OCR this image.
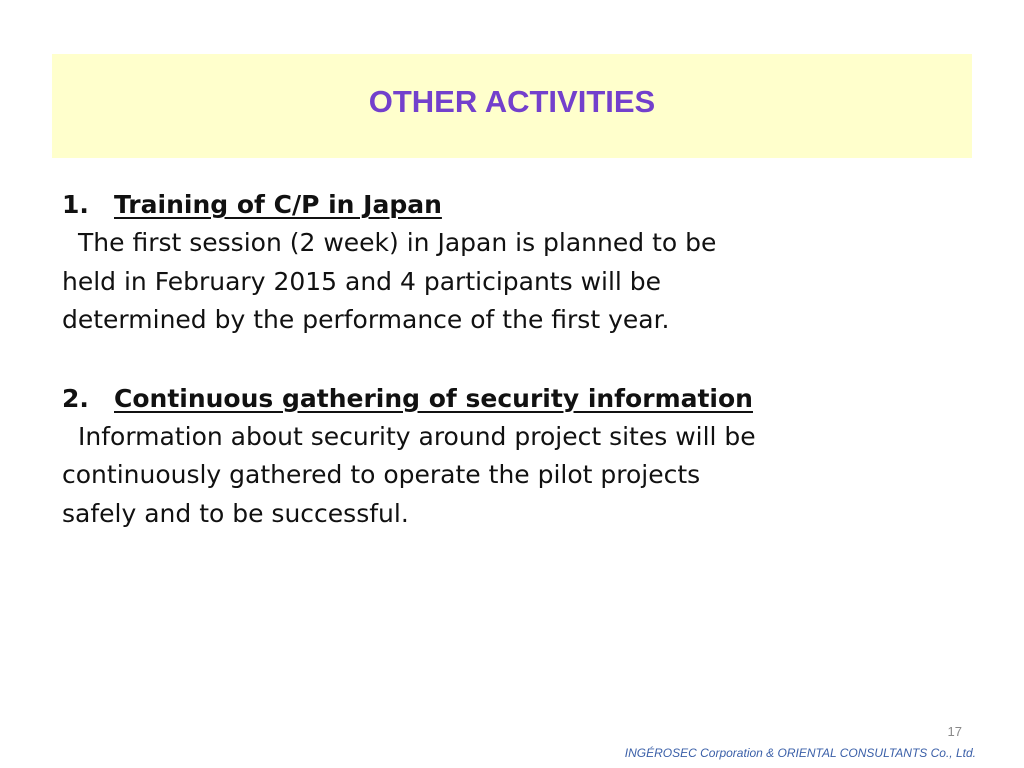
OTHER ACTIVITIES
1. Training of C/P in Japan

The first session (2 week) in Japan is planned to be
held in February 2015 and 4 participants will be
determined by the performance of the first year.

2. Continuous gathering of security information

Information about security around project sites will be
continuously gathered to operate the pilot projects
safely and to be successful.

17
INGÉROSEC Corporation & ORIENTAL CONSULTANTS Co., Ltd.
